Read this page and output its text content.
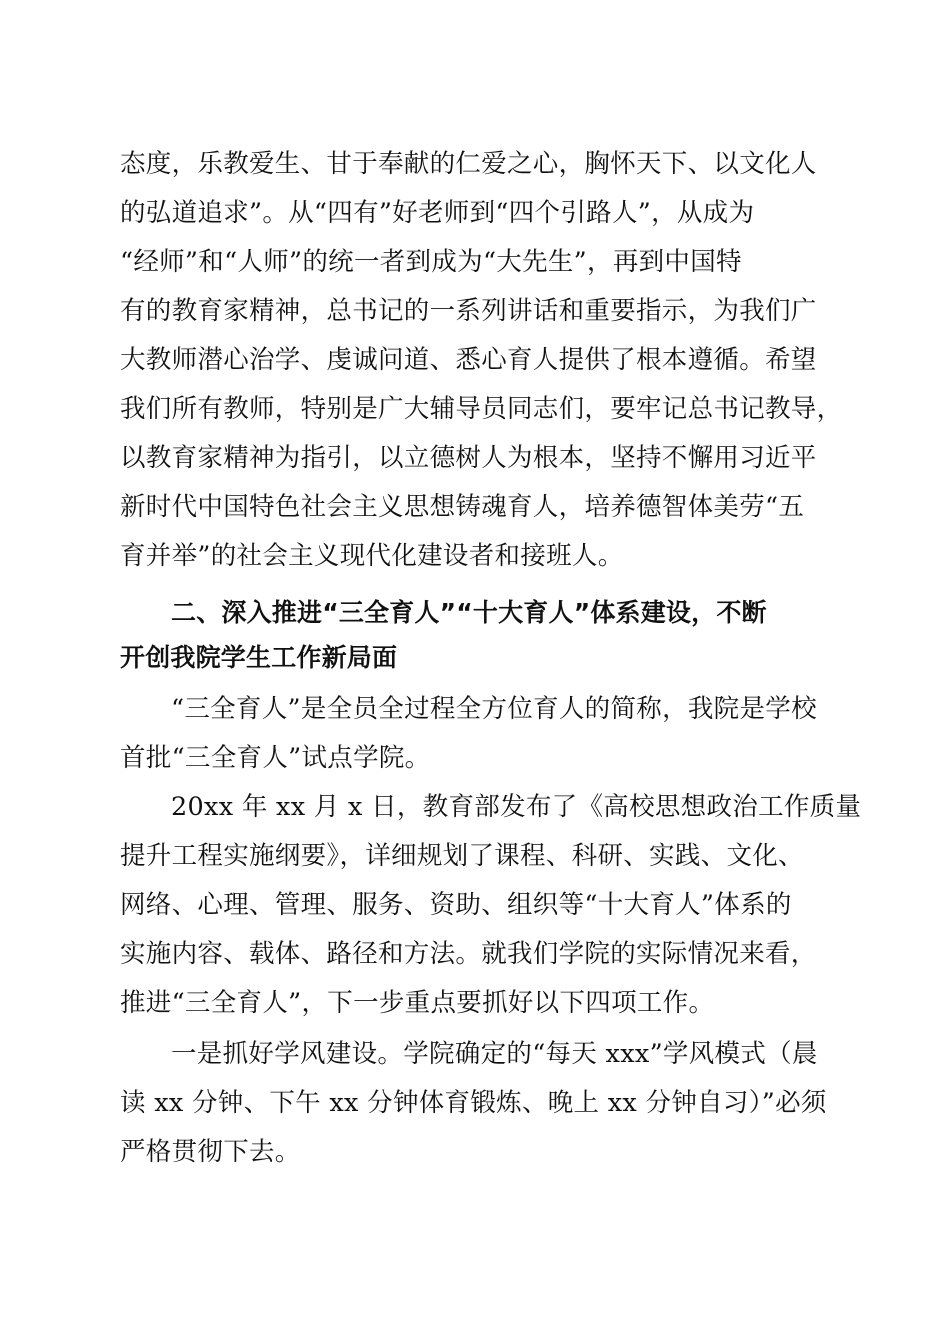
态度，乐教爱生、甘于奉献的仁爱之心，胸怀天下、以文化人
的弘道追求”。从“四有”好老师到“四个引路人”，从成为
“经师”和“人师”的统一者到成为“大先生”，再到中国特
有的教育家精神，总书记的一系列讲话和重要指示，为我们广
大教师潜心治学、虔诚问道、悉心育人提供了根本遵循。希望
我们所有教师，特别是广大辅导员同志们，要牢记总书记教导，
以教育家精神为指引，以立德树人为根本，坚持不懈用习近平
新时代中国特色社会主义思想铸魂育人，培养德智体美劳“五
育并举”的社会主义现代化建设者和接班人。
二、深入推进“三全育人”“十大育人”体系建设，不断
开创我院学生工作新局面
“三全育人”是全员全过程全方位育人的简称，我院是学校
首批“三全育人”试点学院。
20xx 年 xx 月 x 日，教育部发布了《高校思想政治工作质量
提升工程实施纲要》，详细规划了课程、科研、实践、文化、
网络、心理、管理、服务、资助、组织等“十大育人”体系的
实施内容、载体、路径和方法。就我们学院的实际情况来看，
推进“三全育人”，下一步重点要抓好以下四项工作。
一是抓好学风建设。学院确定的“每天 xxx”学风模式（晨
读 xx 分钟、下午 xx 分钟体育锻炼、晚上 xx 分钟自习）”必须
严格贯彻下去。
